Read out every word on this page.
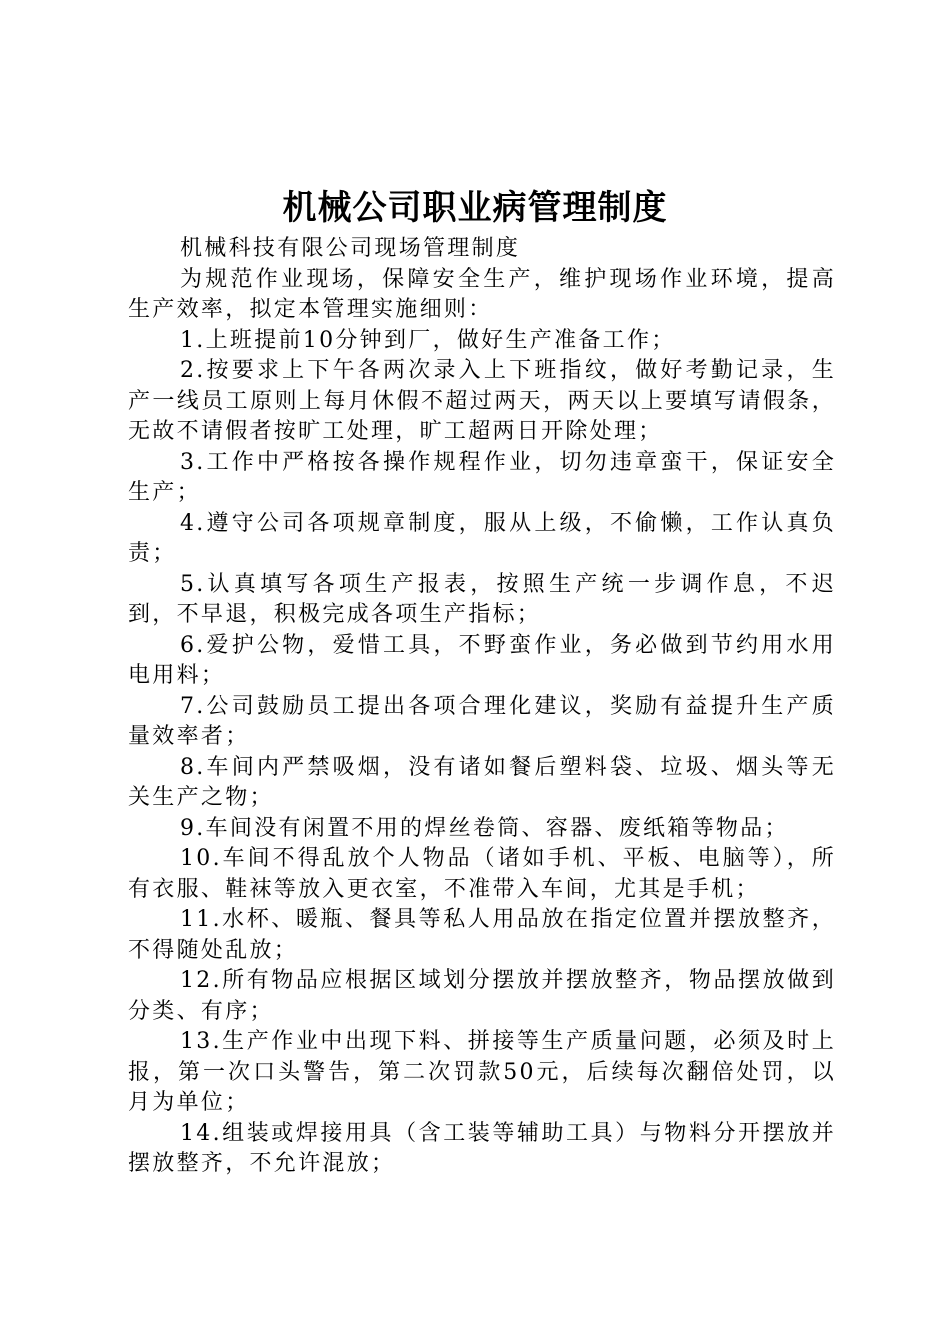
机械公司职业病管理制度

机械科技有限公司现场管理制度

为规范作业现场，保障安全生产，维护现场作业环境，提高生产效率，拟定本管理实施细则：

1.上班提前10分钟到厂，做好生产准备工作；

2.按要求上下午各两次录入上下班指纹，做好考勤记录，生产一线员工原则上每月休假不超过两天，两天以上要填写请假条，无故不请假者按旷工处理，旷工超两日开除处理；

3.工作中严格按各操作规程作业，切勿违章蛮干，保证安全生产；

4.遵守公司各项规章制度，服从上级，不偷懒，工作认真负责；

5.认真填写各项生产报表，按照生产统一步调作息，不迟到，不早退，积极完成各项生产指标；

6.爱护公物，爱惜工具，不野蛮作业，务必做到节约用水用电用料；

7.公司鼓励员工提出各项合理化建议，奖励有益提升生产质量效率者；

8.车间内严禁吸烟，没有诸如餐后塑料袋、垃圾、烟头等无关生产之物；

9.车间没有闲置不用的焊丝卷筒、容器、废纸箱等物品；

10.车间不得乱放个人物品（诸如手机、平板、电脑等），所有衣服、鞋袜等放入更衣室，不准带入车间，尤其是手机；

11.水杯、暖瓶、餐具等私人用品放在指定位置并摆放整齐，不得随处乱放；

12.所有物品应根据区域划分摆放并摆放整齐，物品摆放做到分类、有序；

13.生产作业中出现下料、拼接等生产质量问题，必须及时上报，第一次口头警告，第二次罚款50元，后续每次翻倍处罚，以月为单位；

14.组装或焊接用具（含工装等辅助工具）与物料分开摆放并摆放整齐，不允许混放；
